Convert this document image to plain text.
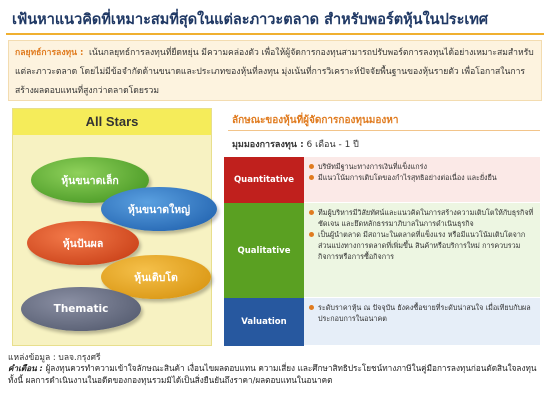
เฟ้นหาแนวคิดที่เหมาะสมที่สุดในแต่ละภาวะตลาด สำหรับพอร์ตหุ้นในประเทศ
กลยุทธ์การลงทุน : เน้นกลยุทธ์การลงทุนที่ยืดหยุ่น มีความคล่องตัว เพื่อให้ผู้จัดการกองทุนสามารถปรับพอร์ตการลงทุนได้อย่างเหมาะสมสำหรับแต่ละภาวะตลาด โดยไม่มีข้อจำกัดด้านขนาดและประเภทของหุ้นที่ลงทุน มุ่งเน้นที่การวิเคราะห์ปัจจัยพื้นฐานของหุ้นรายตัว เพื่อโอกาสในการสร้างผลตอบแทนที่สูงกว่าตลาดโดยรวม
All Stars
หุ้นขนาดเล็ก
หุ้นขนาดใหญ่
หุ้นปันผล
หุ้นเติบโต
Thematic
ลักษณะของหุ้นที่ผู้จัดการกองทุนมองหา
มุมมองการลงทุน : 6 เดือน - 1 ปี
Quantitative
บริษัทมีฐานะทางการเงินที่แข็งแกร่ง
มีแนวโน้มการเติบโตของกำไรสุทธิอย่างต่อเนื่อง และยั่งยืน
Qualitative
ทีมผู้บริหารมีวิสัยทัศน์และแนวคิดในการสร้างความเติบโตให้กับธุรกิจที่ชัดเจน และยึดหลักธรรมาภิบาลในการดำเนินธุรกิจ
เป็นผู้นำตลาด มีสถานะในตลาดที่แข็งแรง หรือมีแนวโน้มเติบโตจากส่วนแบ่งทางการตลาดที่เพิ่มขึ้น สินค้าหรือบริการใหม่ การควบรวมกิจการหรือการซื้อกิจการ
Valuation
ระดับราคาหุ้น ณ ปัจจุบัน ยังคงซื้อขายที่ระดับน่าสนใจ เมื่อเทียบกับผลประกอบการในอนาคต
แหล่งข้อมูล : บลจ.กรุงศรี
คำเตือน : ผู้ลงทุนควรทำความเข้าใจลักษณะสินค้า เงื่อนไขผลตอบแทน ความเสี่ยง และศึกษาสิทธิประโยชน์ทางภาษีในคู่มือการลงทุนก่อนตัดสินใจลงทุน ทั้งนี้ ผลการดำเนินงานในอดีตของกองทุนรวมมิได้เป็นสิ่งยืนยันถึงราคา/ผลตอบแทนในอนาคต
